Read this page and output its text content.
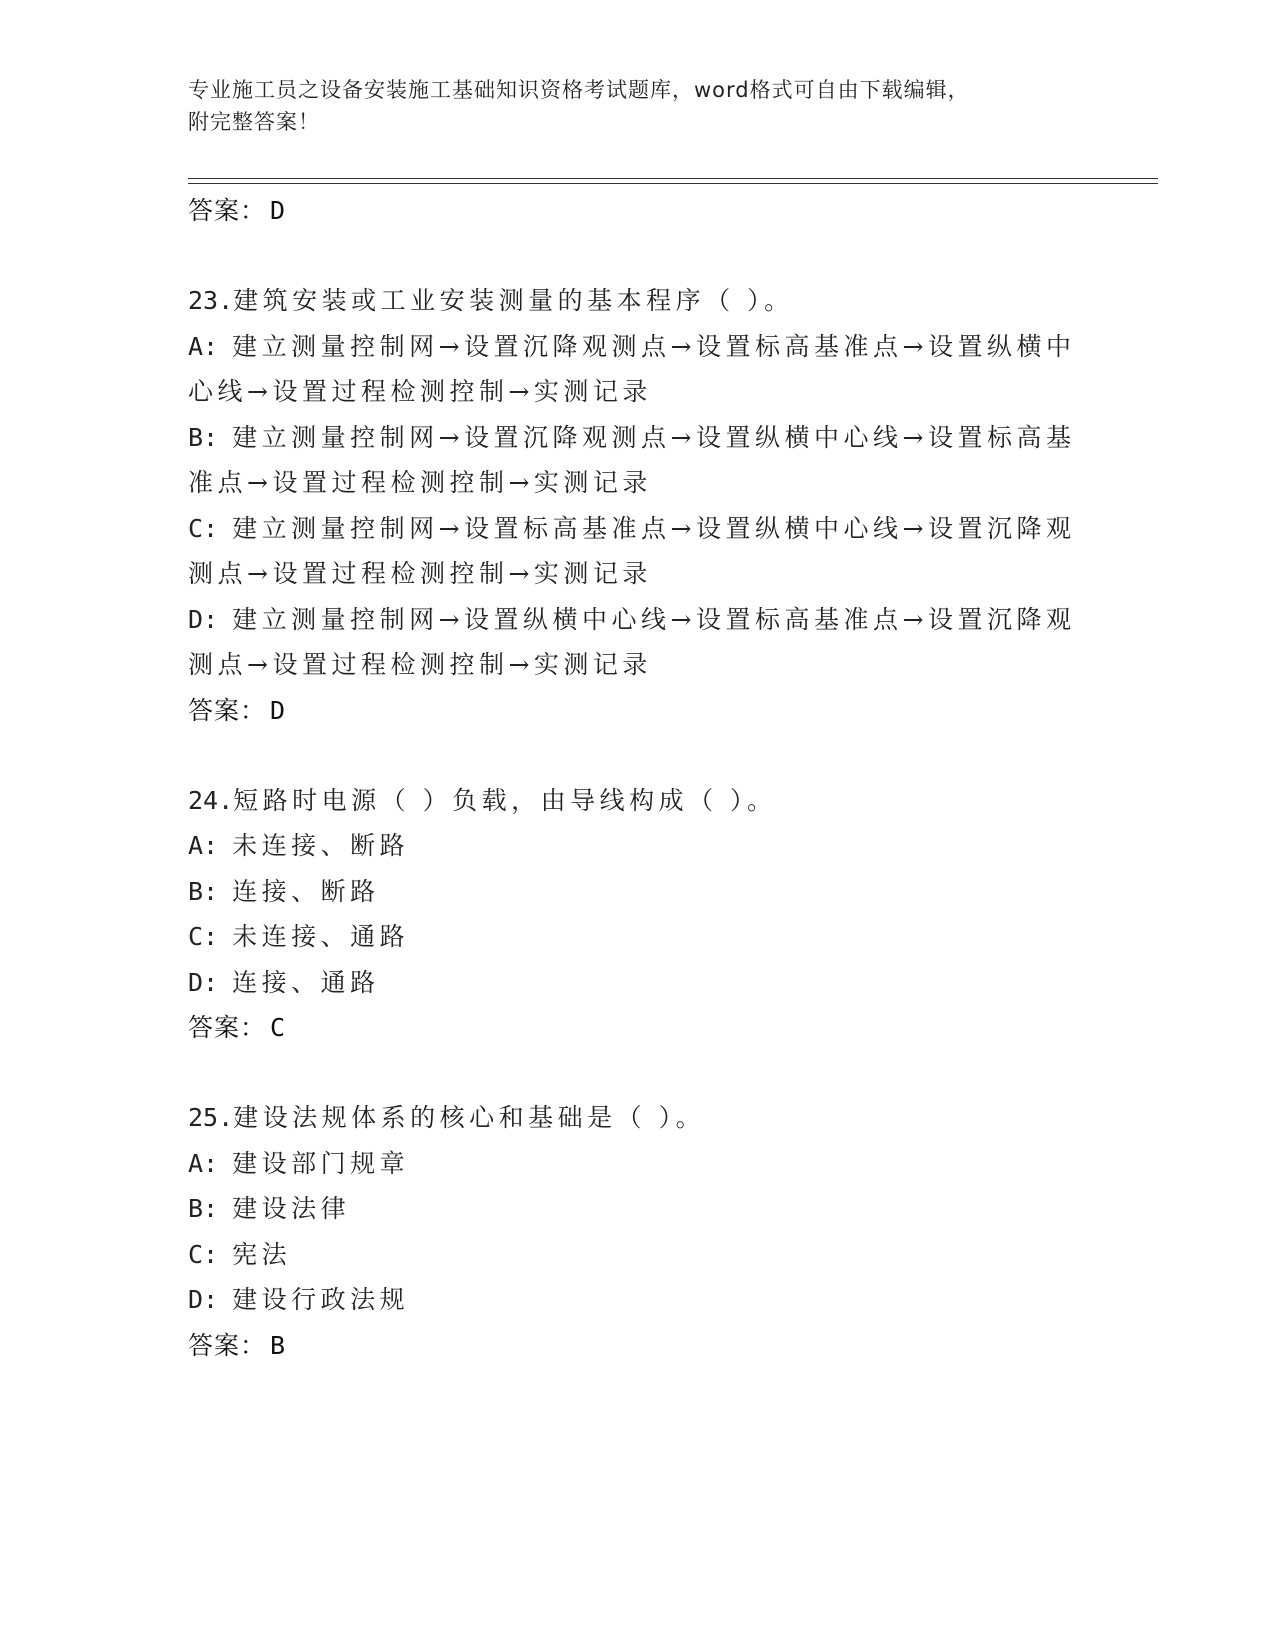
专业施工员之设备安装施工基础知识资格考试题库，word格式可自由下载编辑，
附完整答案！
答案： D
23.建筑安装或工业安装测量的基本程序（ ）。
A: 建立测量控制网→设置沉降观测点→设置标高基准点→设置纵横中
心线→设置过程检测控制→实测记录
B: 建立测量控制网→设置沉降观测点→设置纵横中心线→设置标高基
准点→设置过程检测控制→实测记录
C: 建立测量控制网→设置标高基准点→设置纵横中心线→设置沉降观
测点→设置过程检测控制→实测记录
D: 建立测量控制网→设置纵横中心线→设置标高基准点→设置沉降观
测点→设置过程检测控制→实测记录
答案： D
24.短路时电源（ ）负载，由导线构成（ ）。
A: 未连接、断路
B: 连接、断路
C: 未连接、通路
D: 连接、通路
答案： C
25.建设法规体系的核心和基础是（ ）。
A: 建设部门规章
B: 建设法律
C: 宪法
D: 建设行政法规
答案： B
